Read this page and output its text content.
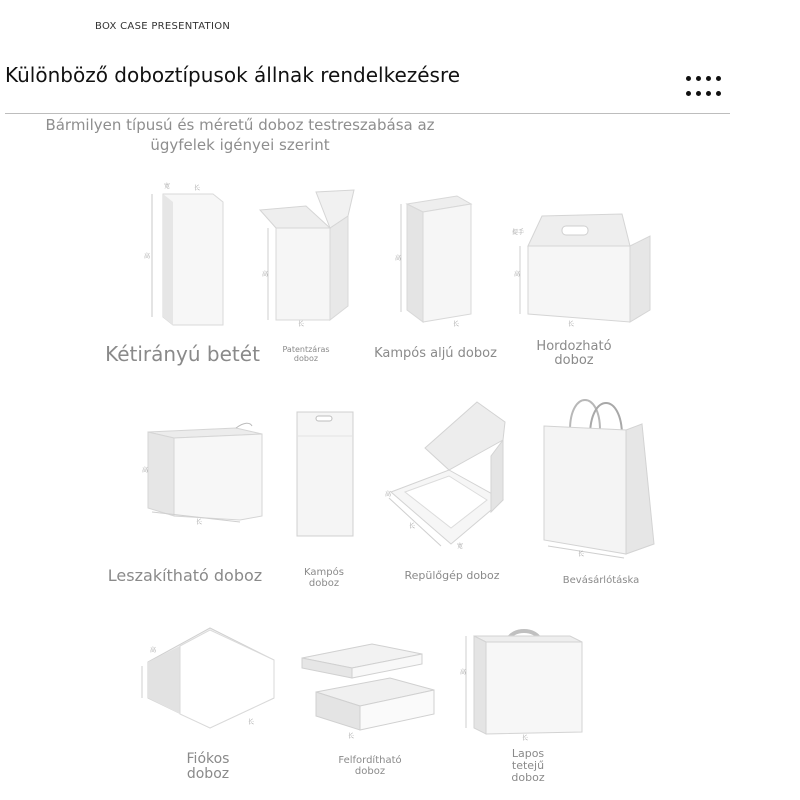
BOX CASE PRESENTATION
Különböző doboztípusok állnak rendelkezésre
Bármilyen típusú és méretű doboz testreszabása az
ügyfelek igényei szerint
高
宽	长
Kétirányú betét
高
长
Patentzáras doboz
高
长
Kampós aljú doboz
提手
高
长
Hordozható doboz
高
长
Leszakítható doboz	Kampós doboz
高
长
宽
Repülőgép doboz
长
Bevásárlótáska
高
长
Fiókos doboz
长
Felfordítható doboz
高
长
Lapos tetejű doboz
